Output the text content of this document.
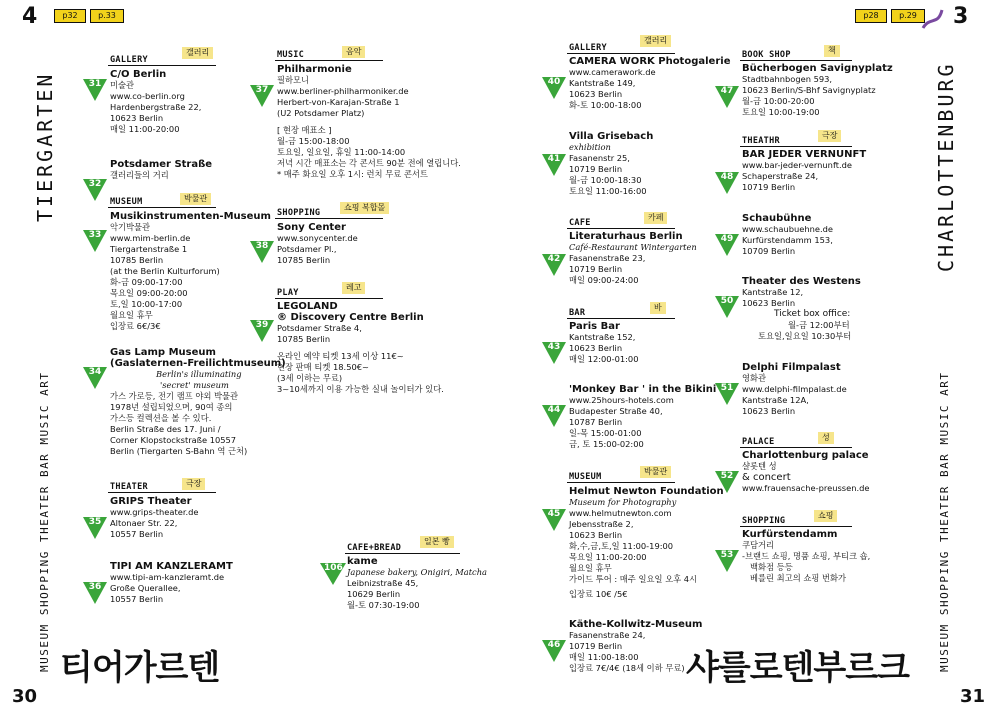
4	p32	p.33	p28	p.29	3
TIERGARTEN
MUSEUM SHOPPING THEATER BAR MUSIC ART
CHARLOTTENBURG
MUSEUM SHOPPING THEATER BAR MUSIC ART
티어가르텐	샤를로텐부르크
30	31
GALLERY
갤러리
31
C/O Berlin
미술관
www.co-berlin.org
Hardenbergstraße 22,
10623 Berlin
매일 11:00-20:00
32
Potsdamer Straße
갤러리들의 거리
MUSEUM	박물관
33
Musikinstrumenten-Museum
악기박물관
www.mim-berlin.de
Tiergartenstraße 1
10785 Berlin
(at the Berlin Kulturforum)
화-금 09:00-17:00
목요일 09:00-20:00
토,일 10:00-17:00
월요일 휴무
입장료 6€/3€
34
Gas Lamp Museum
(Gaslaternen-Freilichtmuseum)
Berlin's illuminating
'secret' museum
가스 가로등, 전기 램프 야외 박물관
1978년 설립되었으며, 90여 종의
가스등 컬렉션을 볼 수 있다.
Berlin Straße des 17. Juni /
Corner Klopstockstraße 10557
Berlin (Tiergarten S-Bahn 역 근처)
THEATER	극장
35
GRIPS Theater
www.grips-theater.de
Altonaer Str. 22,
10557 Berlin
36
TIPI AM KANZLERAMT
www.tipi-am-kanzleramt.de
Große Querallee,
10557 Berlin
MUSIC	음악
37
Philharmonie
필하모니
www.berliner-philharmoniker.de
Herbert-von-Karajan-Straße 1
(U2 Potsdamer Platz)
[ 현장 매표소 ]
월-금 15:00-18:00
토요일, 일요일, 휴일 11:00-14:00
저녁 시간 매표소는 각 콘서트 90분 전에 열립니다.
* 매주 화요일 오후 1시: 런치 무료 콘서트
SHOPPING
쇼핑 복합몰
38
Sony Center
www.sonycenter.de
Potsdamer Pl.,
10785 Berlin
PLAY
레고
39
LEGOLAND
® Discovery Centre Berlin
Potsdamer Straße 4,
10785 Berlin
온라인 예약 티켓 13세 이상 11€~
현장 판매 티켓 18.50€~
(3세 이하는 무료)
3~10세까지 이용 가능한 실내 놀이터가 있다.
CAFE+BREAD
일본 빵
106
kame
Japanese bakery, Onigiri, Matcha
Leibnizstraße 45,
10629 Berlin
월-토 07:30-19:00
GALLERY
갤러리
40
CAMERA WORK Photogalerie
www.camerawork.de
Kantstraße 149,
10623 Berlin
화-토 10:00-18:00
41
Villa Grisebach
exhibition
Fasanenstr 25,
10719 Berlin
월-금 10:00-18:30
토요일 11:00-16:00
CAFE
카페
42
Literaturhaus Berlin
Café-Restaurant Wintergarten
Fasanenstraße 23,
10719 Berlin
매일 09:00-24:00
BAR
바
43
Paris Bar
Kantstraße 152,
10623 Berlin
매일 12:00-01:00
44
'Monkey Bar ' in the Bikini
www.25hours-hotels.com
Budapester Straße 40,
10787 Berlin
일-목 15:00-01:00
금, 토 15:00-02:00
MUSEUM
박물관
45
Helmut Newton Foundation
Museum for Photography
www.helmutnewton.com
Jebensstraße 2,
10623 Berlin
화,수,금,토,일 11:00-19:00
목요일 11:00-20:00
월요일 휴무
가이드 투어 : 매주 일요일 오후 4시
입장료 10€ /5€
46
Käthe-Kollwitz-Museum
Fasanenstraße 24,
10719 Berlin
매일 11:00-18:00
입장료 7€/4€ (18세 이하 무료)
BOOK SHOP	책
47
Bücherbogen Savignyplatz
Stadtbahnbogen 593,
10623 Berlin/S-Bhf Savignyplatz
월-금 10:00-20:00
토요일 10:00-19:00
THEATHR
극장
48
BAR JEDER VERNUNFT
www.bar-jeder-vernunft.de
Schaperstraße 24,
10719 Berlin
49
Schaubühne
www.schaubuehne.de
Kurfürstendamm 153,
10709 Berlin
50
Theater des Westens
Kantstraße 12,
10623 Berlin
Ticket box office:
월-금 12:00부터
토요일,일요일 10:30부터
51
Delphi Filmpalast
영화관
www.delphi-filmpalast.de
Kantstraße 12A,
10623 Berlin
PALACE	성
52
Charlottenburg palace
샬롯텐 성
& concert
www.frauensache-preussen.de
SHOPPING
쇼핑
53
Kurfürstendamm
쿠담거리
-브랜드 쇼핑, 명품 쇼핑, 부티크 숍,
백화점 등등
베를린 최고의 쇼핑 번화가
